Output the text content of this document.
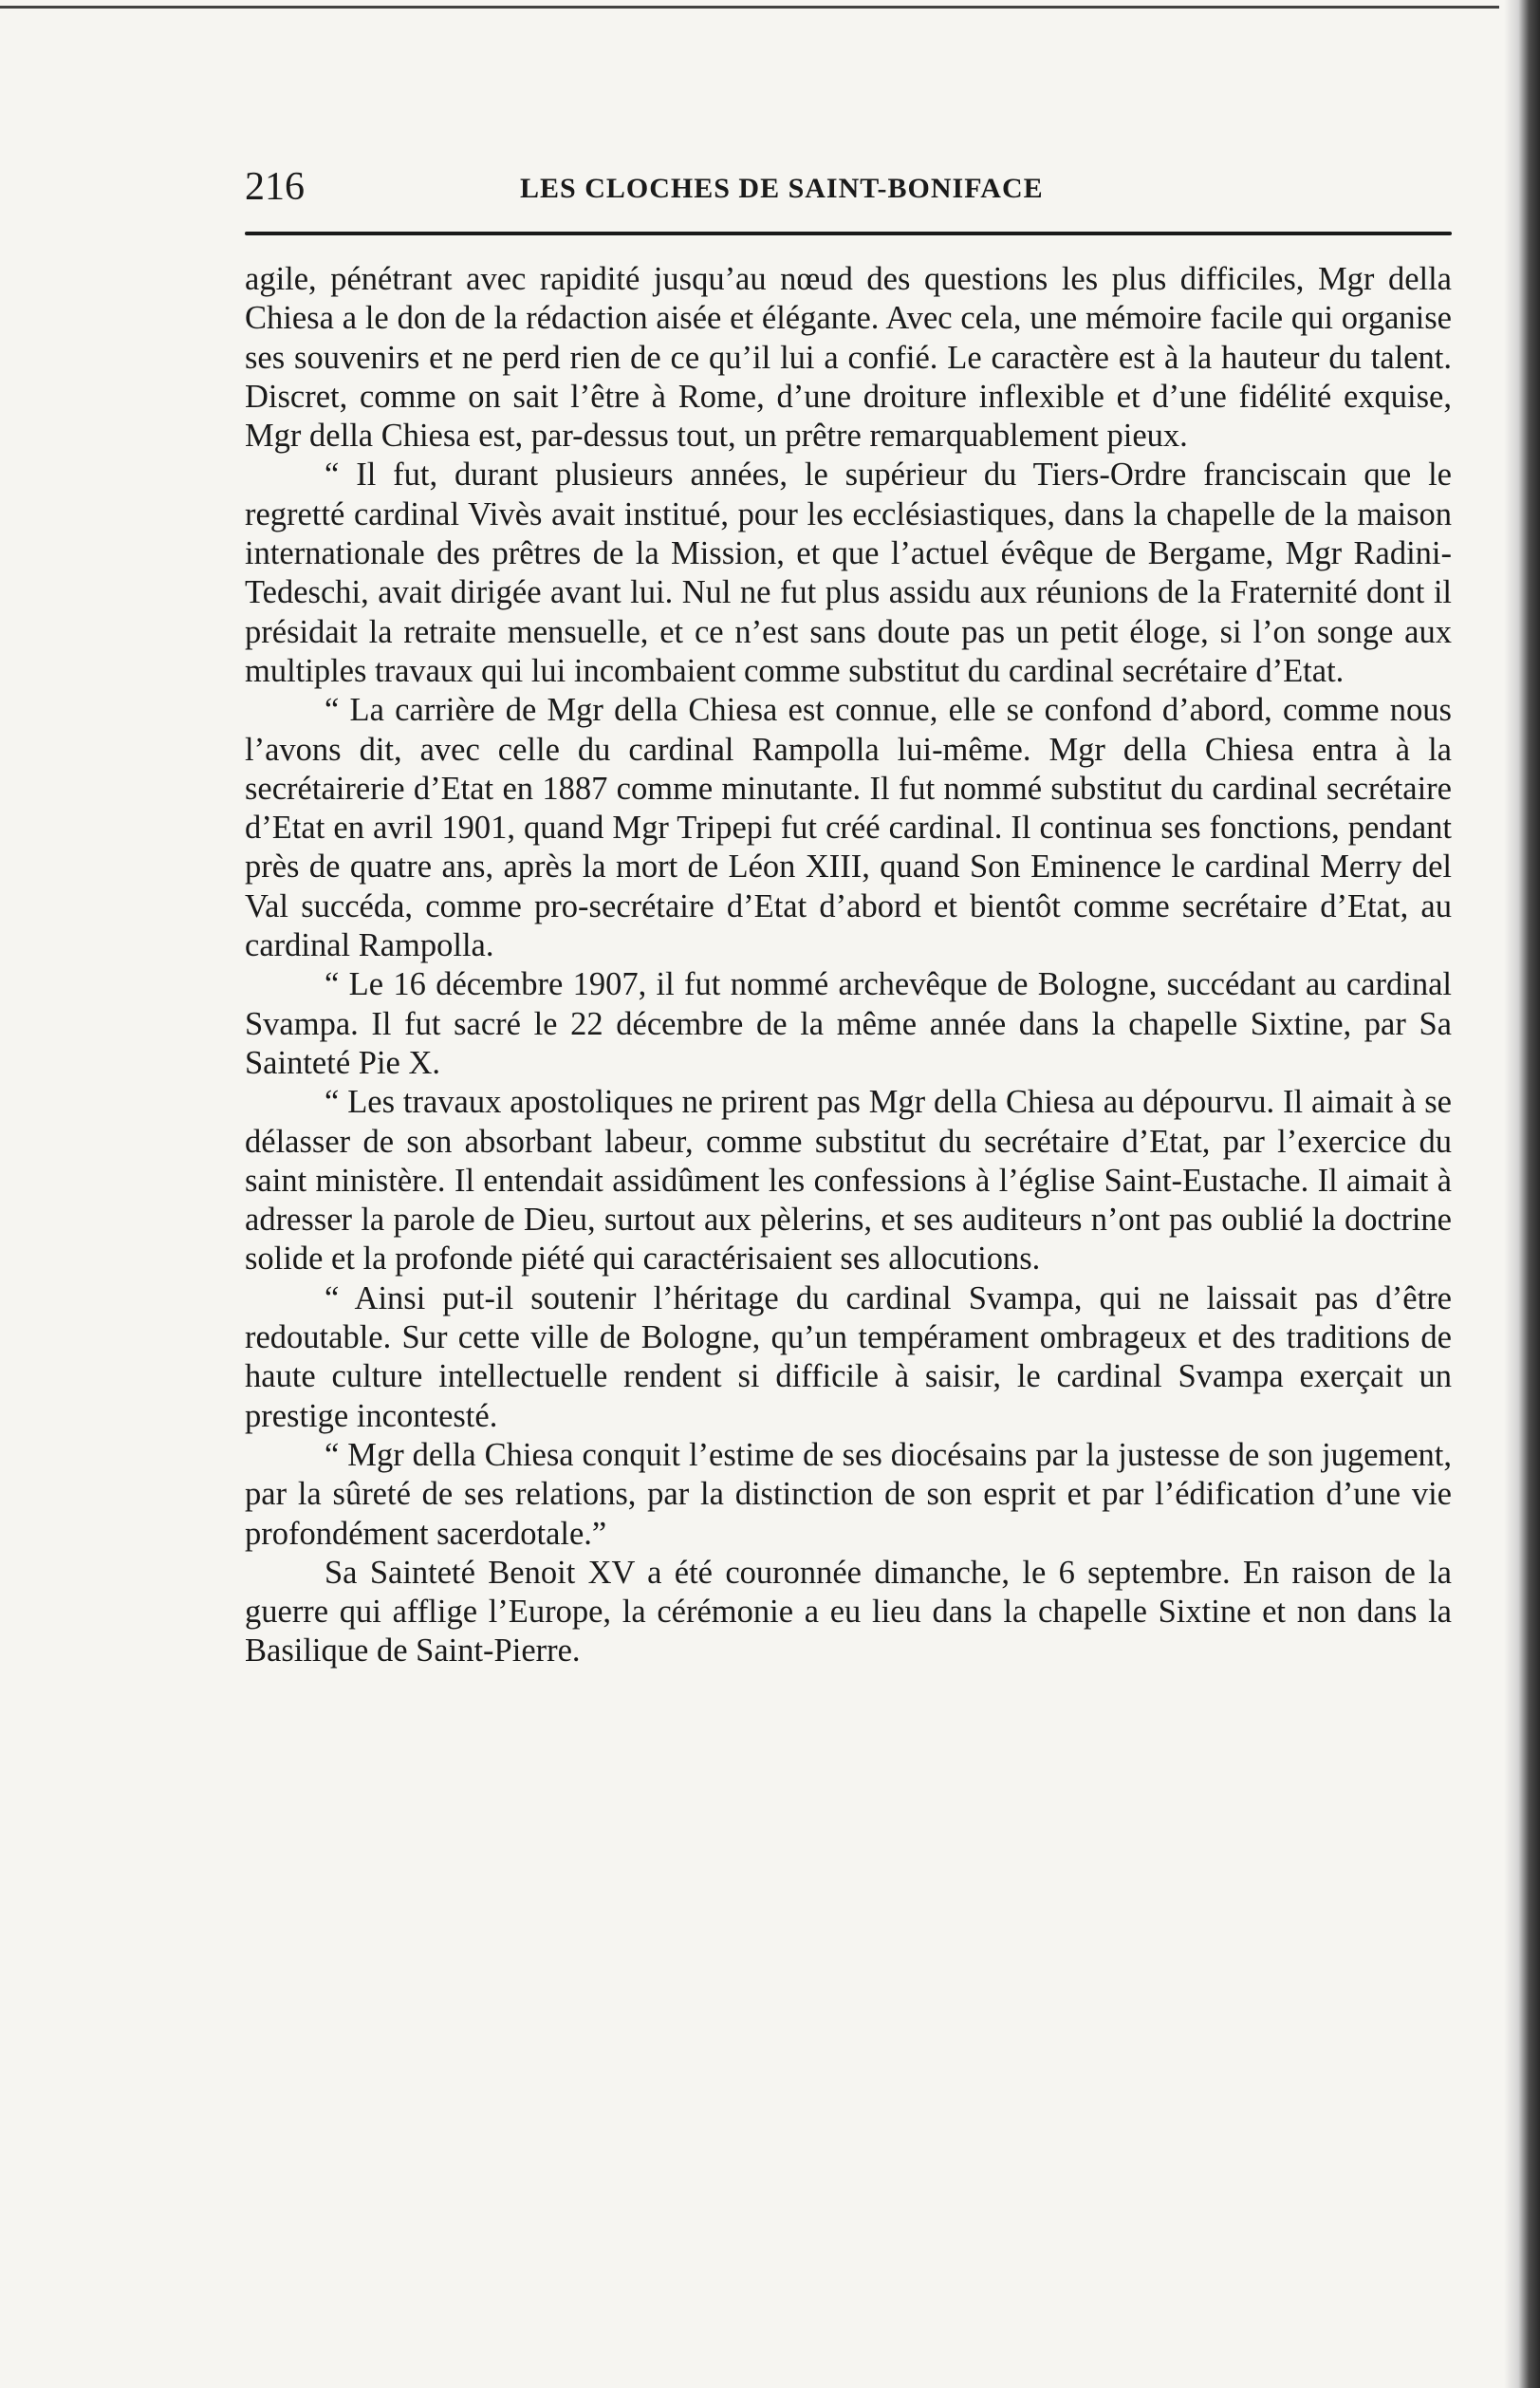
216	LES CLOCHES DE SAINT-BONIFACE

agile, pénétrant avec rapidité jusqu’au nœud des questions les plus difficiles, Mgr della Chiesa a le don de la rédaction aisée et élégante. Avec cela, une mémoire facile qui organise ses souvenirs et ne perd rien de ce qu’il lui a confié. Le caractère est à la hauteur du talent. Discret, comme on sait l’être à Rome, d’une droiture inflexible et d’une fidélité exquise, Mgr della Chiesa est, par-dessus tout, un prêtre remarquablement pieux.

“ Il fut, durant plusieurs années, le supérieur du Tiers-Ordre franciscain que le regretté cardinal Vivès avait institué, pour les ecclésiastiques, dans la chapelle de la maison internationale des prêtres de la Mission, et que l’actuel évêque de Bergame, Mgr Radini-Tedeschi, avait dirigée avant lui. Nul ne fut plus assidu aux réunions de la Fraternité dont il présidait la retraite mensuelle, et ce n’est sans doute pas un petit éloge, si l’on songe aux multiples travaux qui lui incombaient comme substitut du cardinal secrétaire d’Etat.

“ La carrière de Mgr della Chiesa est connue, elle se confond d’abord, comme nous l’avons dit, avec celle du cardinal Rampolla lui-même. Mgr della Chiesa entra à la secrétairerie d’Etat en 1887 comme minutante. Il fut nommé substitut du cardinal secrétaire d’Etat en avril 1901, quand Mgr Tripepi fut créé cardinal. Il continua ses fonctions, pendant près de quatre ans, après la mort de Léon XIII, quand Son Eminence le cardinal Merry del Val succéda, comme pro-secrétaire d’Etat d’abord et bientôt comme secrétaire d’Etat, au cardinal Rampolla.

“ Le 16 décembre 1907, il fut nommé archevêque de Bologne, succédant au cardinal Svampa. Il fut sacré le 22 décembre de la même année dans la chapelle Sixtine, par Sa Sainteté Pie X.

“ Les travaux apostoliques ne prirent pas Mgr della Chiesa au dépourvu. Il aimait à se délasser de son absorbant labeur, comme substitut du secrétaire d’Etat, par l’exercice du saint ministère. Il entendait assidûment les confessions à l’église Saint-Eustache. Il aimait à adresser la parole de Dieu, surtout aux pèlerins, et ses auditeurs n’ont pas oublié la doctrine solide et la profonde piété qui caractérisaient ses allocutions.

“ Ainsi put-il soutenir l’héritage du cardinal Svampa, qui ne laissait pas d’être redoutable. Sur cette ville de Bologne, qu’un tempérament ombrageux et des traditions de haute culture intellectuelle rendent si difficile à saisir, le cardinal Svampa exerçait un prestige incontesté.

“ Mgr della Chiesa conquit l’estime de ses diocésains par la justesse de son jugement, par la sûreté de ses relations, par la distinction de son esprit et par l’édification d’une vie profondément sacerdotale.”

Sa Sainteté Benoit XV a été couronnée dimanche, le 6 septembre. En raison de la guerre qui afflige l’Europe, la cérémonie a eu lieu dans la chapelle Sixtine et non dans la Basilique de Saint-Pierre.
